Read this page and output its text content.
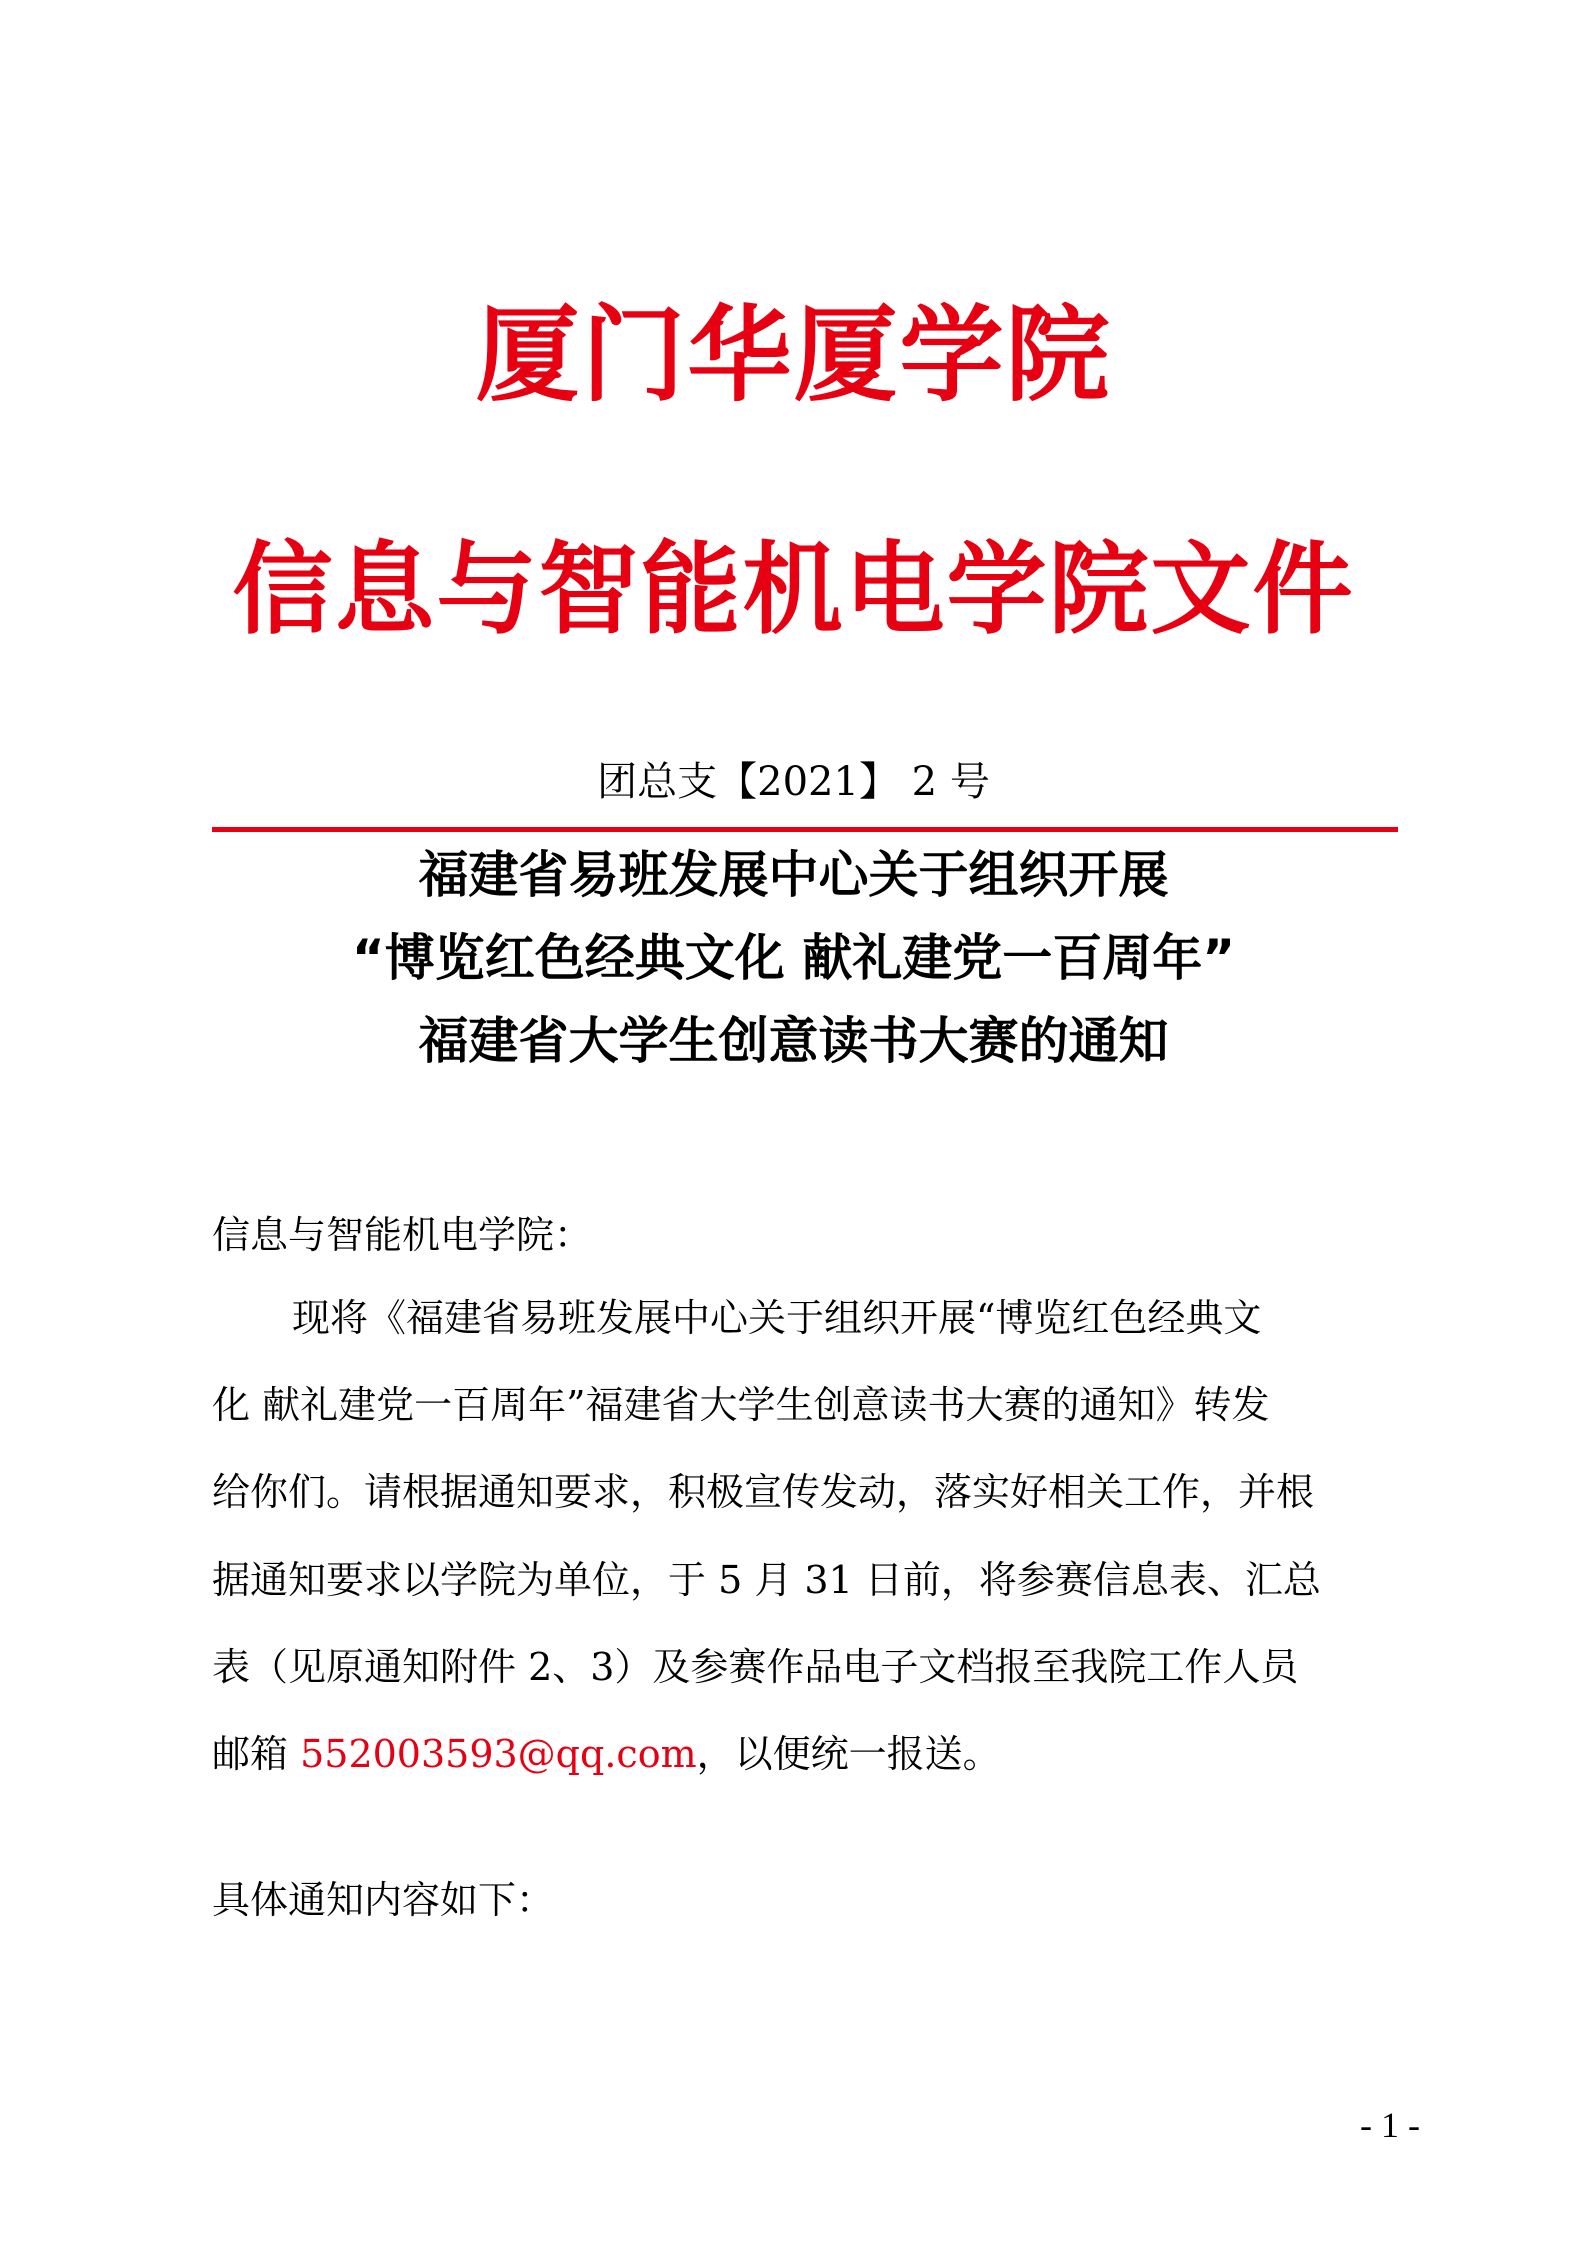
厦门华厦学院
信息与智能机电学院文件
团总支【2021】 2 号
福建省易班发展中心关于组织开展
“博览红色经典文化 献礼建党一百周年”
福建省大学生创意读书大赛的通知
信息与智能机电学院：
现将《福建省易班发展中心关于组织开展“博览红色经典文
化 献礼建党一百周年”福建省大学生创意读书大赛的通知》转发
给你们。请根据通知要求，积极宣传发动，落实好相关工作，并根
据通知要求以学院为单位，于 5 月 31 日前，将参赛信息表、汇总
表（见原通知附件 2、3）及参赛作品电子文档报至我院工作人员
邮箱 552003593@qq.com，以便统一报送。
具体通知内容如下：
- 1 -
